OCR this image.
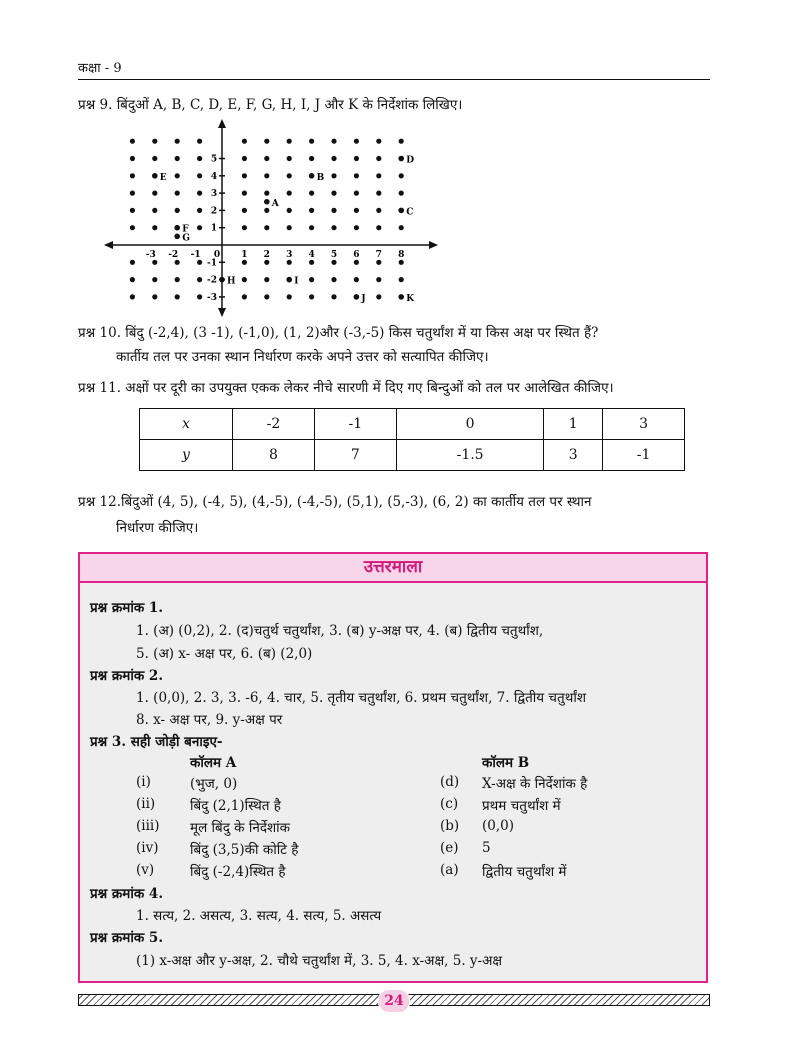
कक्षा - 9
प्रश्न 9. बिंदुओं A, B, C, D, E, F, G, H, I, J और K के निर्देशांक लिखिए।
-3 -2 -1 0 1 2 3 4 5 6 7 8
1
2
3
4
5
-1
-2
-3
A
B
C
D
E
F
G
H	I
J	K
प्रश्न 10. बिंदु (-2,4), (3 -1), (-1,0), (1, 2)और (-3,-5) किस चतुर्थांश में या किस अक्ष पर स्थित हैं?
कार्तीय तल पर उनका स्थान निर्धारण करके अपने उत्तर को सत्यापित कीजिए।
प्रश्न 11. अक्षों पर दूरी का उपयुक्त एकक लेकर नीचे सारणी में दिए गए बिन्दुओं को तल पर आलेखित कीजिए।
x	-2	-1	0	1	3
y	8	7	-1.5	3	-1
प्रश्न 12.बिंदुओं (4, 5), (-4, 5), (4,-5), (-4,-5), (5,1), (5,-3), (6, 2) का कार्तीय तल पर स्थान
निर्धारण कीजिए।
उत्तरमाला
प्रश्न क्रमांक 1.
1. (अ) (0,2), 2. (द)चतुर्थ चतुर्थांश, 3. (ब) y-अक्ष पर, 4. (ब) द्वितीय चतुर्थांश,
5. (अ) x- अक्ष पर, 6. (ब) (2,0)
प्रश्न क्रमांक 2.
1. (0,0), 2. 3, 3. -6, 4. चार, 5. तृतीय चतुर्थांश, 6. प्रथम चतुर्थांश, 7. द्वितीय चतुर्थांश
8. x- अक्ष पर, 9. y-अक्ष पर
प्रश्न 3. सही जोड़ी बनाइए-
कॉलम A	कॉलम B
(i)	(भुज, 0)	(d) X-अक्ष के निर्देशांक है
(ii)	बिंदु (2,1)स्थित है	(c) प्रथम चतुर्थांश में
(iii) मूल बिंदु के निर्देशांक	(b) (0,0)
(iv) बिंदु (3,5)की कोटि है	(e) 5
(v)	बिंदु (-2,4)स्थित है	(a) द्वितीय चतुर्थांश में
प्रश्न क्रमांक 4.
1. सत्य, 2. असत्य, 3. सत्य, 4. सत्य, 5. असत्य
प्रश्न क्रमांक 5.
(1) x-अक्ष और y-अक्ष, 2. चौथे चतुर्थांश में, 3. 5, 4. x-अक्ष, 5. y-अक्ष
24
